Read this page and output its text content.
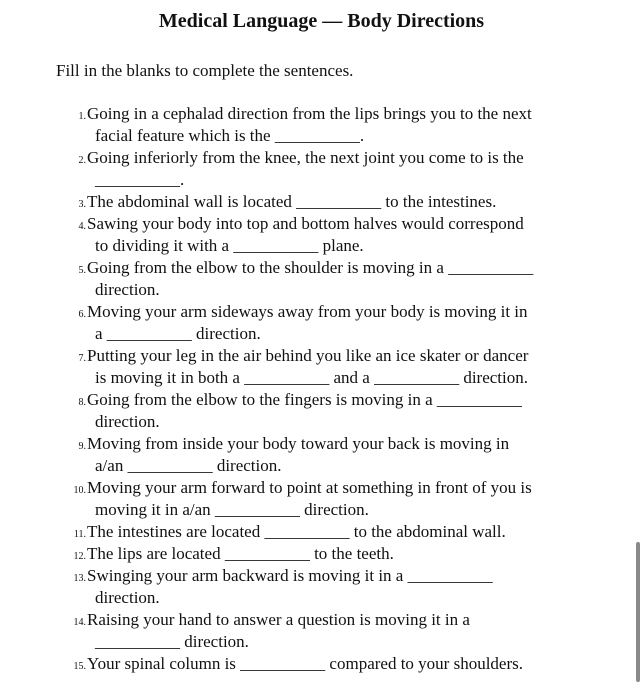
Medical Language — Body Directions
Fill in the blanks to complete the sentences.
1. Going in a cephalad direction from the lips brings you to the next
facial feature which is the __________.
2. Going inferiorly from the knee, the next joint you come to is the
__________.
3. The abdominal wall is located __________ to the intestines.
4. Sawing your body into top and bottom halves would correspond
to dividing it with a __________ plane.
5. Going from the elbow to the shoulder is moving in a __________
direction.
6. Moving your arm sideways away from your body is moving it in
a __________ direction.
7. Putting your leg in the air behind you like an ice skater or dancer
is moving it in both a __________ and a __________ direction.
8. Going from the elbow to the fingers is moving in a __________
direction.
9. Moving from inside your body toward your back is moving in
a/an __________ direction.
10. Moving your arm forward to point at something in front of you is
moving it in a/an __________ direction.
11. The intestines are located __________ to the abdominal wall.
12. The lips are located __________ to the teeth.
13. Swinging your arm backward is moving it in a __________
direction.
14. Raising your hand to answer a question is moving it in a
__________ direction.
15. Your spinal column is __________ compared to your shoulders.
